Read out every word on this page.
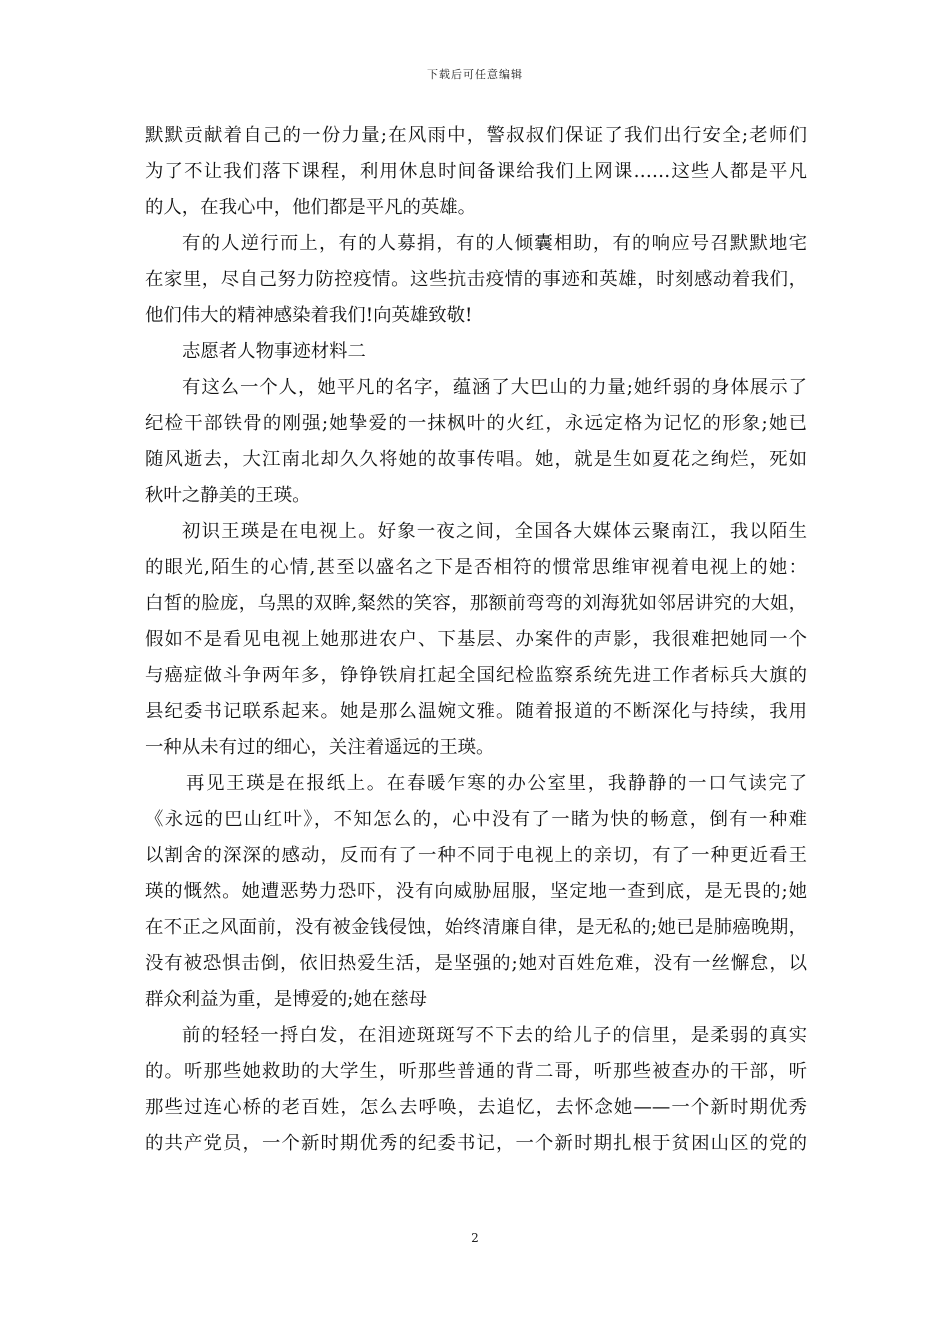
下载后可任意编辑
默默贡献着自己的一份力量;在风雨中，警叔叔们保证了我们出行安全;老师们
为了不让我们落下课程，利用休息时间备课给我们上网课……这些人都是平凡
的人，在我心中，他们都是平凡的英雄。
有的人逆行而上，有的人募捐，有的人倾囊相助，有的响应号召默默地宅
在家里，尽自己努力防控疫情。这些抗击疫情的事迹和英雄，时刻感动着我们，
他们伟大的精神感染着我们!向英雄致敬!
志愿者人物事迹材料二
有这么一个人，她平凡的名字，蕴涵了大巴山的力量;她纤弱的身体展示了
纪检干部铁骨的刚强;她挚爱的一抹枫叶的火红，永远定格为记忆的形象;她已
随风逝去，大江南北却久久将她的故事传唱。她，就是生如夏花之绚烂，死如
秋叶之静美的王瑛。
初识王瑛是在电视上。好象一夜之间，全国各大媒体云聚南江，我以陌生
的眼光,陌生的心情,甚至以盛名之下是否相符的惯常思维审视着电视上的她：
白皙的脸庞，乌黑的双眸,粲然的笑容，那额前弯弯的刘海犹如邻居讲究的大姐，
假如不是看见电视上她那进农户、下基层、办案件的声影，我很难把她同一个
与癌症做斗争两年多，铮铮铁肩扛起全国纪检监察系统先进工作者标兵大旗的
县纪委书记联系起来。她是那么温婉文雅。随着报道的不断深化与持续，我用
一种从未有过的细心，关注着遥远的王瑛。
再见王瑛是在报纸上。在春暖乍寒的办公室里，我静静的一口气读完了
《永远的巴山红叶》，不知怎么的，心中没有了一睹为快的畅意，倒有一种难
以割舍的深深的感动，反而有了一种不同于电视上的亲切，有了一种更近看王
瑛的慨然。她遭恶势力恐吓，没有向威胁屈服，坚定地一查到底，是无畏的;她
在不正之风面前，没有被金钱侵蚀，始终清廉自律，是无私的;她已是肺癌晚期，
没有被恐惧击倒，依旧热爱生活，是坚强的;她对百姓危难，没有一丝懈怠，以
群众利益为重，是博爱的;她在慈母
前的轻轻一捋白发，在泪迹斑斑写不下去的给儿子的信里，是柔弱的真实
的。听那些她救助的大学生，听那些普通的背二哥，听那些被查办的干部，听
那些过连心桥的老百姓，怎么去呼唤，去追忆，去怀念她——一个新时期优秀
的共产党员，一个新时期优秀的纪委书记，一个新时期扎根于贫困山区的党的
2
